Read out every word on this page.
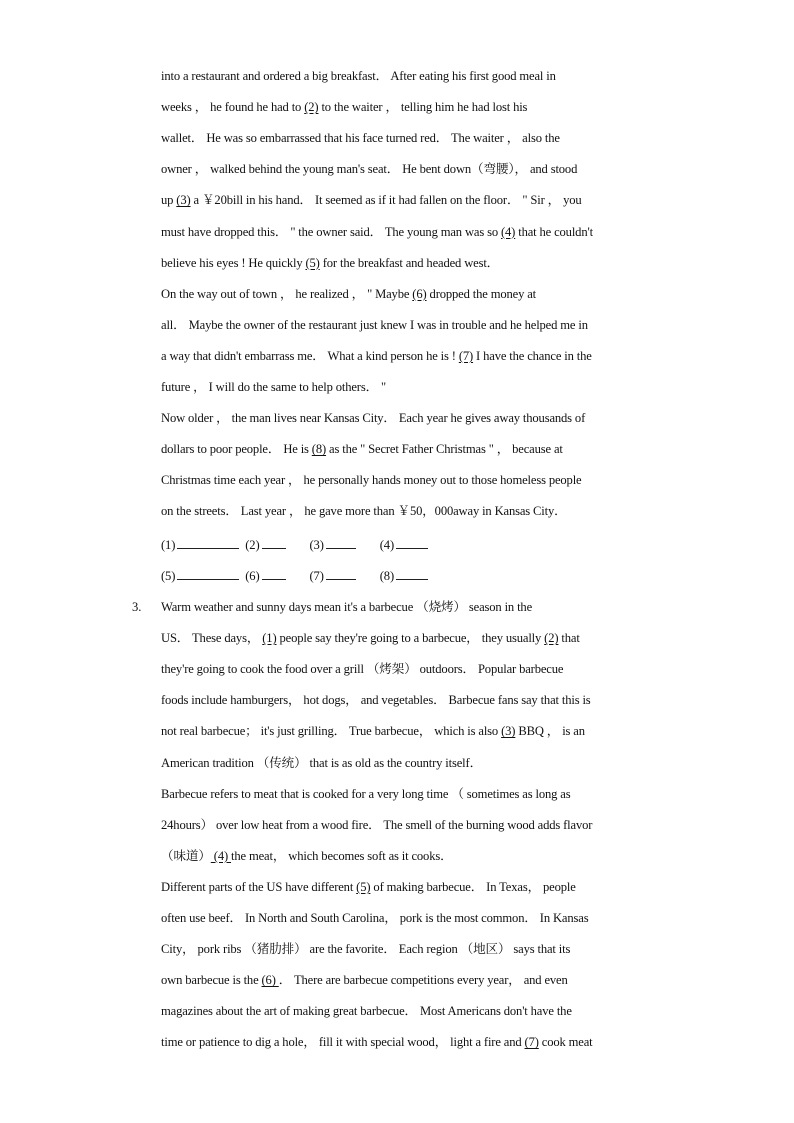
into a restaurant and ordered a big breakfast． After eating his first good meal in
weeks ， he found he had to (2) to the waiter ， telling him he had lost his
wallet． He was so embarrassed that his face turned red． The waiter ， also the
owner ， walked behind the young man's seat． He bent down（弯腰）， and stood
up (3) a ￥20bill in his hand． It seemed as if it had fallen on the floor． " Sir ， you
must have dropped this． " the owner said． The young man was so (4) that he couldn't
believe his eyes ! He quickly (5) for the breakfast and headed west．
On the way out of town ， he realized ， " Maybe (6) dropped the money at
all． Maybe the owner of the restaurant just knew I was in trouble and he helped me in
a way that didn't embarrass me． What a kind person he is ! (7) I have the chance in the
future ， I will do the same to help others． "
Now older ， the man lives near Kansas City． Each year he gives away thousands of
dollars to poor people． He is (8) as the " Secret Father Christmas " ， because at
Christmas time each year ， he personally hands money out to those homeless people
on the streets． Last year ， he gave more than ￥50，000away in Kansas City．
(1)	(2)	(3)	(4)
(5)	(6)	(7)	(8)
3. Warm weather and sunny days mean it's a barbecue （烧烤） season in the
US． These days， (1) people say they're going to a barbecue， they usually (2) that
they're going to cook the food over a grill （烤架） outdoors． Popular barbecue
foods include hamburgers， hot dogs， and vegetables． Barbecue fans say that this is
not real barbecue； it's just grilling． True barbecue， which is also (3) BBQ ， is an
American tradition （传统） that is as old as the country itself．
Barbecue refers to meat that is cooked for a very long time （ sometimes as long as
24hours） over low heat from a wood fire． The smell of the burning wood adds flavor
（味道） (4) the meat， which becomes soft as it cooks．
Different parts of the US have different (5) of making barbecue． In Texas， people
often use beef． In North and South Carolina， pork is the most common． In Kansas
City， pork ribs （猪肋排） are the favorite． Each region （地区） says that its
own barbecue is the (6) ． There are barbecue competitions every year， and even
magazines about the art of making great barbecue． Most Americans don't have the
time or patience to dig a hole， fill it with special wood， light a fire and (7) cook meat
